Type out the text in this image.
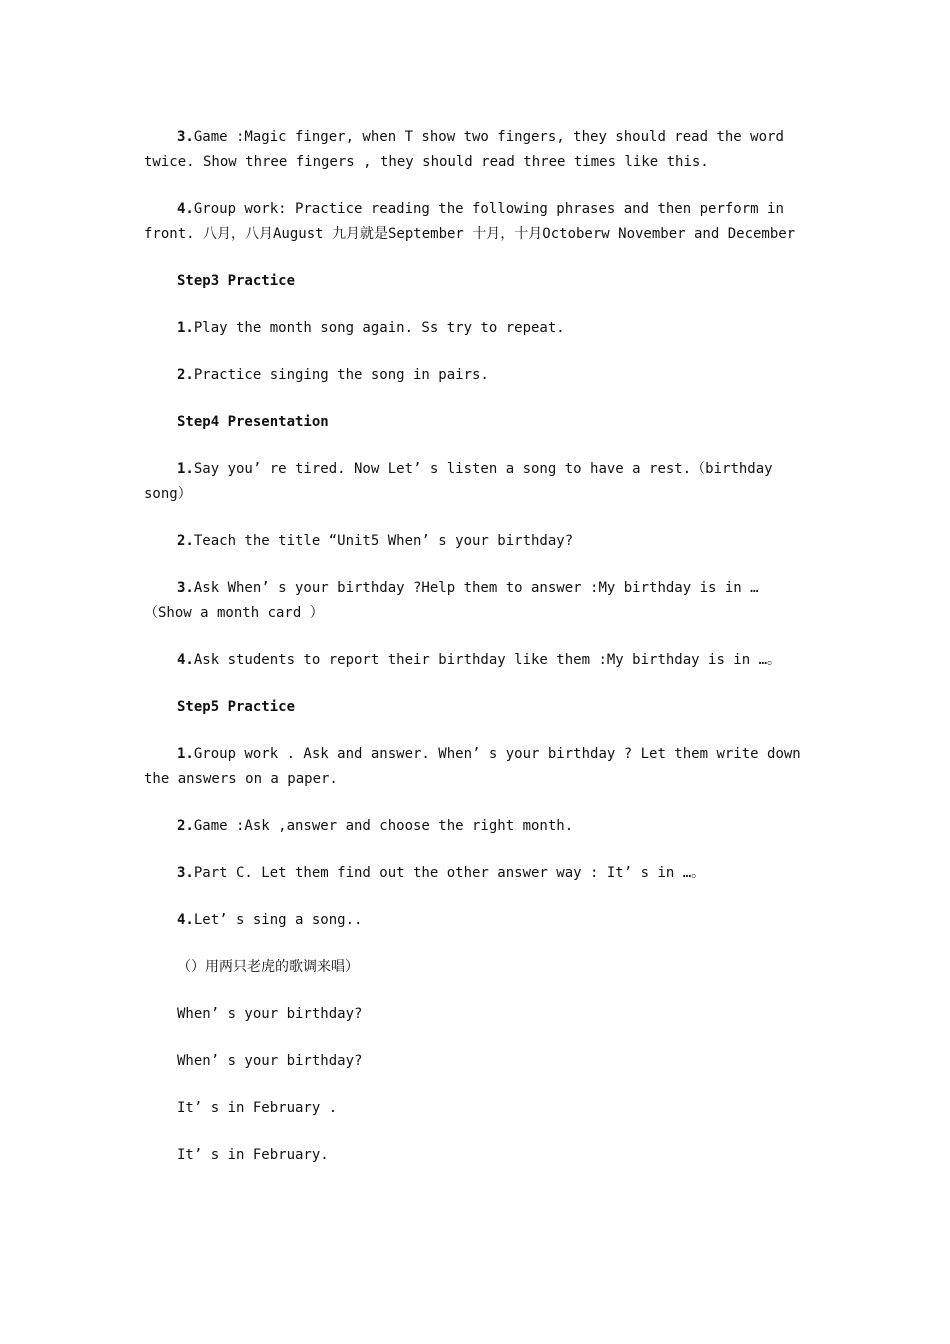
3.Game :Magic finger, when T show two fingers, they should read the word twice. Show three fingers , they should read three times like this.

4.Group work: Practice reading the following phrases and then perform in front. 八月，八月August 九月就是September 十月，十月Octoberw November and December

Step3 Practice

1.Play the month song again. Ss try to repeat.

2.Practice singing the song in pairs.

Step4 Presentation

1.Say you’ re tired. Now Let’ s listen a song to have a rest.（birthday song）

2.Teach the title “Unit5 When’ s your birthday?

3.Ask When’ s your birthday ?Help them to answer :My birthday is in … （Show a month card ）

4.Ask students to report their birthday like them :My birthday is in …。

Step5 Practice

1.Group work . Ask and answer. When’ s your birthday ? Let them write down the answers on a paper.

2.Game :Ask ,answer and choose the right month.

3.Part C. Let them find out the other answer way : It’ s in …。

4.Let’ s sing a song..

（）用两只老虎的歌调来唱）

When’ s your birthday?

When’ s your birthday?

It’ s in February .

It’ s in February.
